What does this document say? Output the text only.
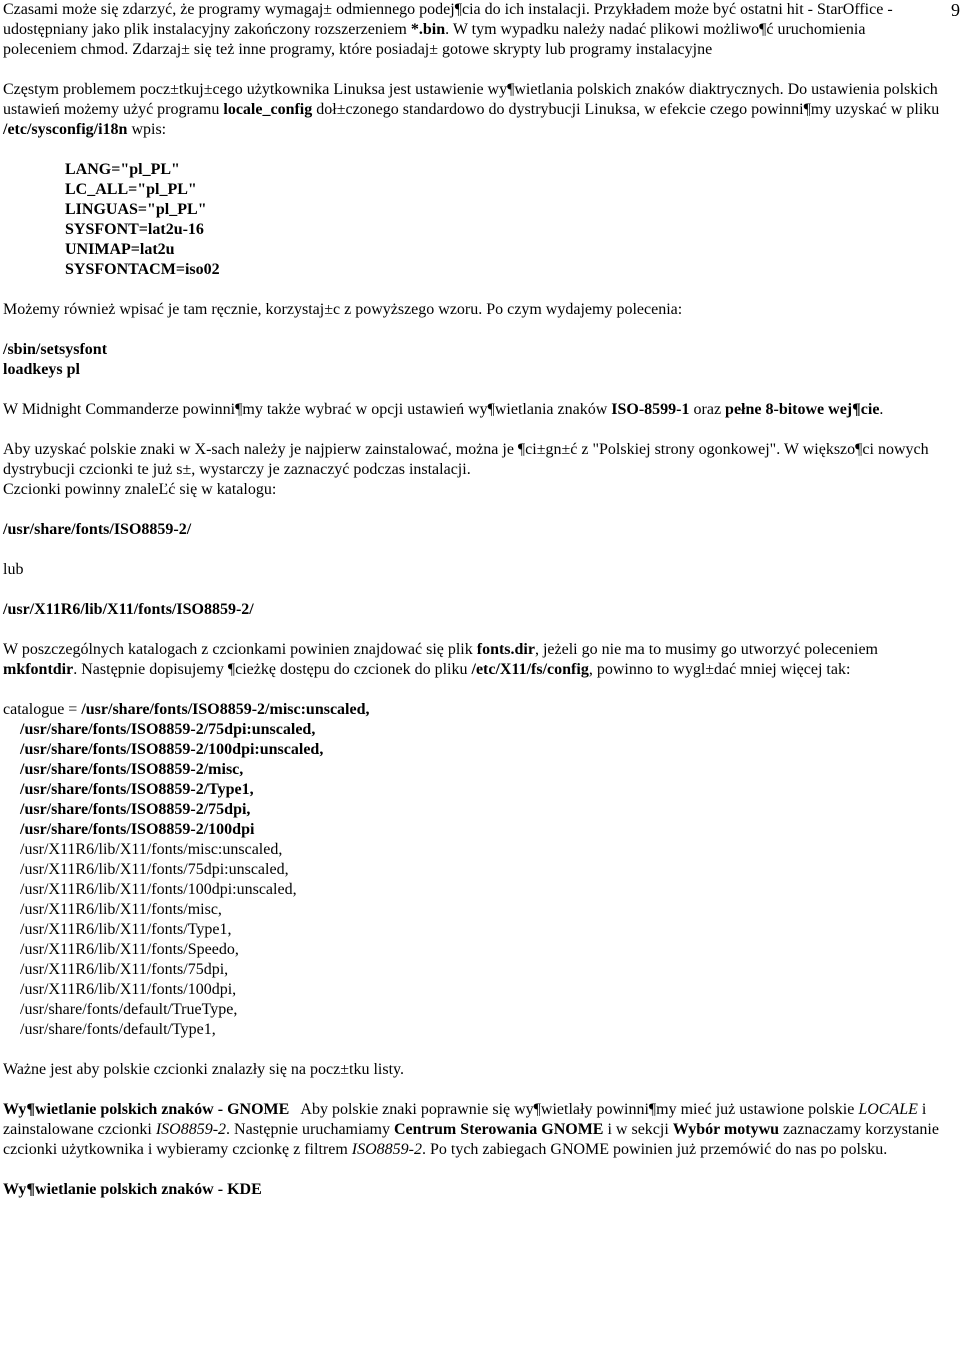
9

Czasami może się zdarzyć, że programy wymagaj± odmiennego podej¶cia do ich instalacji. Przykładem może być ostatni hit - StarOffice - udostępniany jako plik instalacyjny zakończony rozszerzeniem *.bin. W tym wypadku należy nadać plikowi możliwo¶ć uruchomienia poleceniem chmod. Zdarzaj± się też inne programy, które posiadaj± gotowe skrypty lub programy instalacyjne

Częstym problemem pocz±tkuj±cego użytkownika Linuksa jest ustawienie wy¶wietlania polskich znaków diaktrycznych. Do ustawienia polskich ustawień możemy użyć programu locale_config doł±czonego standardowo do dystrybucji Linuksa, w efekcie czego powinni¶my uzyskać w pliku /etc/sysconfig/i18n wpis:

LANG="pl_PL"
LC_ALL="pl_PL"
LINGUAS="pl_PL"
SYSFONT=lat2u-16
UNIMAP=lat2u
SYSFONTACM=iso02

Możemy również wpisać je tam ręcznie, korzystaj±c z powyższego wzoru. Po czym wydajemy polecenia:

/sbin/setsysfont
loadkeys pl

W Midnight Commanderze powinni¶my także wybrać w opcji ustawień wy¶wietlania znaków ISO-8599-1 oraz pełne 8-bitowe wej¶cie.

Aby uzyskać polskie znaki w X-sach należy je najpierw zainstalować, można je ¶ci±gn±ć z "Polskiej strony ogonkowej". W większo¶ci nowych dystrybucji czcionki te już s±, wystarczy je zaznaczyć podczas instalacji.

Czcionki powinny znaleĽć się w katalogu:

/usr/share/fonts/ISO8859-2/

lub

/usr/X11R6/lib/X11/fonts/ISO8859-2/

W poszczególnych katalogach z czcionkami powinien znajdować się plik fonts.dir, jeżeli go nie ma to musimy go utworzyć poleceniem mkfontdir. Następnie dopisujemy ¶cieżkę dostępu do czcionek do pliku /etc/X11/fs/config, powinno to wygl±dać mniej więcej tak:

catalogue = /usr/share/fonts/ISO8859-2/misc:unscaled,
/usr/share/fonts/ISO8859-2/75dpi:unscaled,
/usr/share/fonts/ISO8859-2/100dpi:unscaled,
/usr/share/fonts/ISO8859-2/misc,
/usr/share/fonts/ISO8859-2/Type1,
/usr/share/fonts/ISO8859-2/75dpi,
/usr/share/fonts/ISO8859-2/100dpi
/usr/X11R6/lib/X11/fonts/misc:unscaled,
/usr/X11R6/lib/X11/fonts/75dpi:unscaled,
/usr/X11R6/lib/X11/fonts/100dpi:unscaled,
/usr/X11R6/lib/X11/fonts/misc,
/usr/X11R6/lib/X11/fonts/Type1,
/usr/X11R6/lib/X11/fonts/Speedo,
/usr/X11R6/lib/X11/fonts/75dpi,
/usr/X11R6/lib/X11/fonts/100dpi,
/usr/share/fonts/default/TrueType,
/usr/share/fonts/default/Type1,

Ważne jest aby polskie czcionki znalazły się na pocz±tku listy.

Wy¶wietlanie polskich znaków - GNOME   Aby polskie znaki poprawnie się wy¶wietlały powinni¶my mieć już ustawione polskie LOCALE i zainstalowane czcionki ISO8859-2. Następnie uruchamiamy Centrum Sterowania GNOME i w sekcji Wybór motywu zaznaczamy korzystanie czcionki użytkownika i wybieramy czcionkę z filtrem ISO8859-2. Po tych zabiegach GNOME powinien już przemówić do nas po polsku.

Wy¶wietlanie polskich znaków - KDE
